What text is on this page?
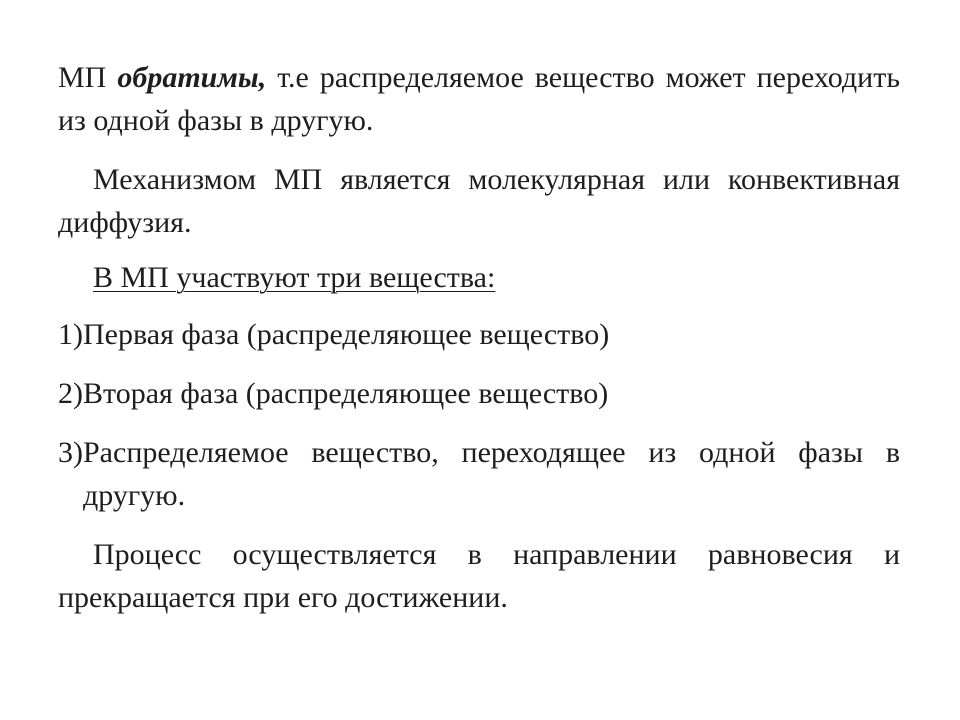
МП обратимы, т.е распределяемое вещество может переходить из одной фазы в другую.

Механизмом МП является молекулярная или конвективная диффузия.

В МП участвуют три вещества:

1) Первая фаза (распределяющее вещество)
2) Вторая фаза (распределяющее вещество)
3) Распределяемое вещество, переходящее из одной фазы в другую.

Процесс осуществляется в направлении равновесия и прекращается при его достижении.
